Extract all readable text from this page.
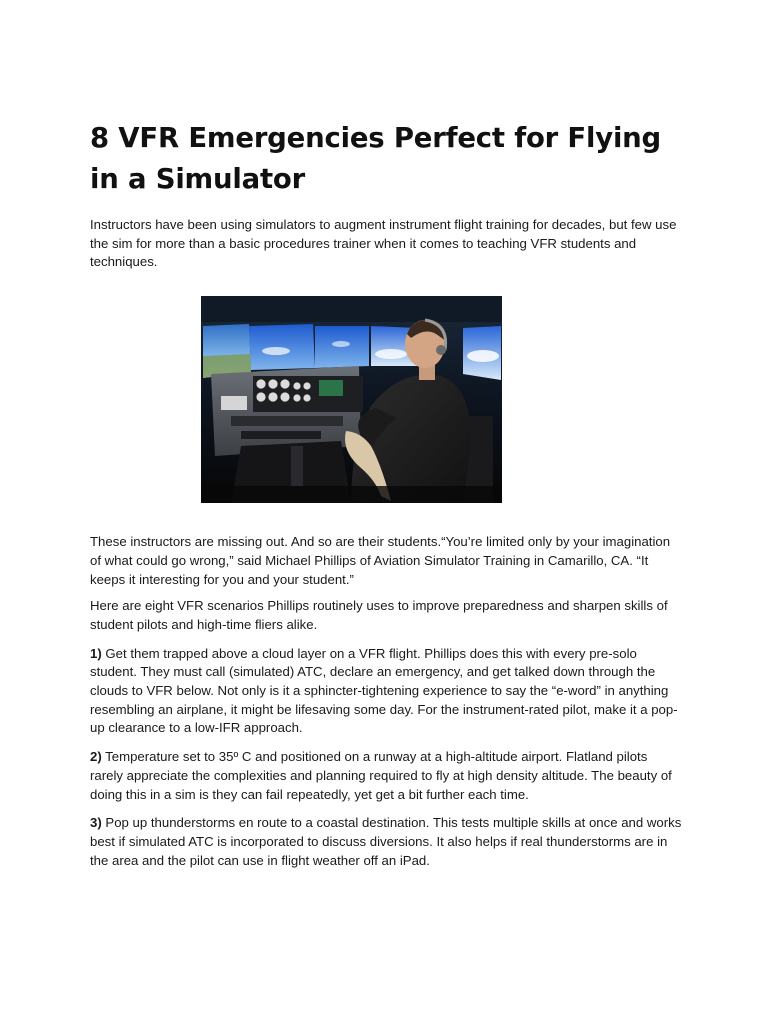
8 VFR Emergencies Perfect for Flying in a Simulator

Instructors have been using simulators to augment instrument flight training for decades, but few use the sim for more than a basic procedures trainer when it comes to teaching VFR students and techniques.

These instructors are missing out. And so are their students.“You’re limited only by your imagination of what could go wrong,” said Michael Phillips of Aviation Simulator Training in Camarillo, CA. “It keeps it interesting for you and your student.”

Here are eight VFR scenarios Phillips routinely uses to improve preparedness and sharpen skills of student pilots and high-time fliers alike.

1) Get them trapped above a cloud layer on a VFR flight. Phillips does this with every pre-solo student. They must call (simulated) ATC, declare an emergency, and get talked down through the clouds to VFR below. Not only is it a sphincter-tightening experience to say the “e-word” in anything resembling an airplane, it might be lifesaving some day. For the instrument-rated pilot, make it a pop-up clearance to a low-IFR approach.

2) Temperature set to 35º C and positioned on a runway at a high-altitude airport. Flatland pilots rarely appreciate the complexities and planning required to fly at high density altitude. The beauty of doing this in a sim is they can fail repeatedly, yet get a bit further each time.

3) Pop up thunderstorms en route to a coastal destination. This tests multiple skills at once and works best if simulated ATC is incorporated to discuss diversions. It also helps if real thunderstorms are in the area and the pilot can use in flight weather off an iPad.
